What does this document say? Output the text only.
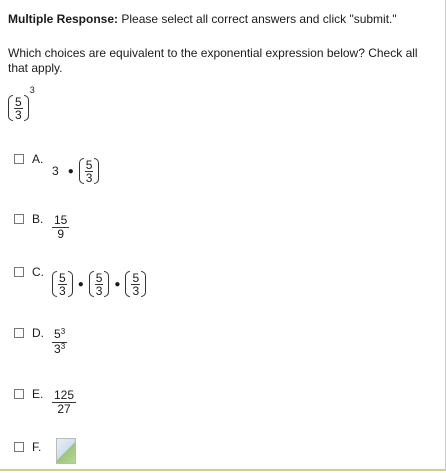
Multiple Response: Please select all correct answers and click "submit."
Which choices are equivalent to the exponential expression below? Check all that apply.
$\frac{5}{3}$
3
A.
3 ● $\frac{5}{3}$
B. $\frac{15}{9}$
C.	$\frac{5}{3}$ ● $\frac{5}{3}$ ● $\frac{5}{3}$
D. $\frac{5^3}{3^3}$
E. $\frac{125}{27}$
F.
